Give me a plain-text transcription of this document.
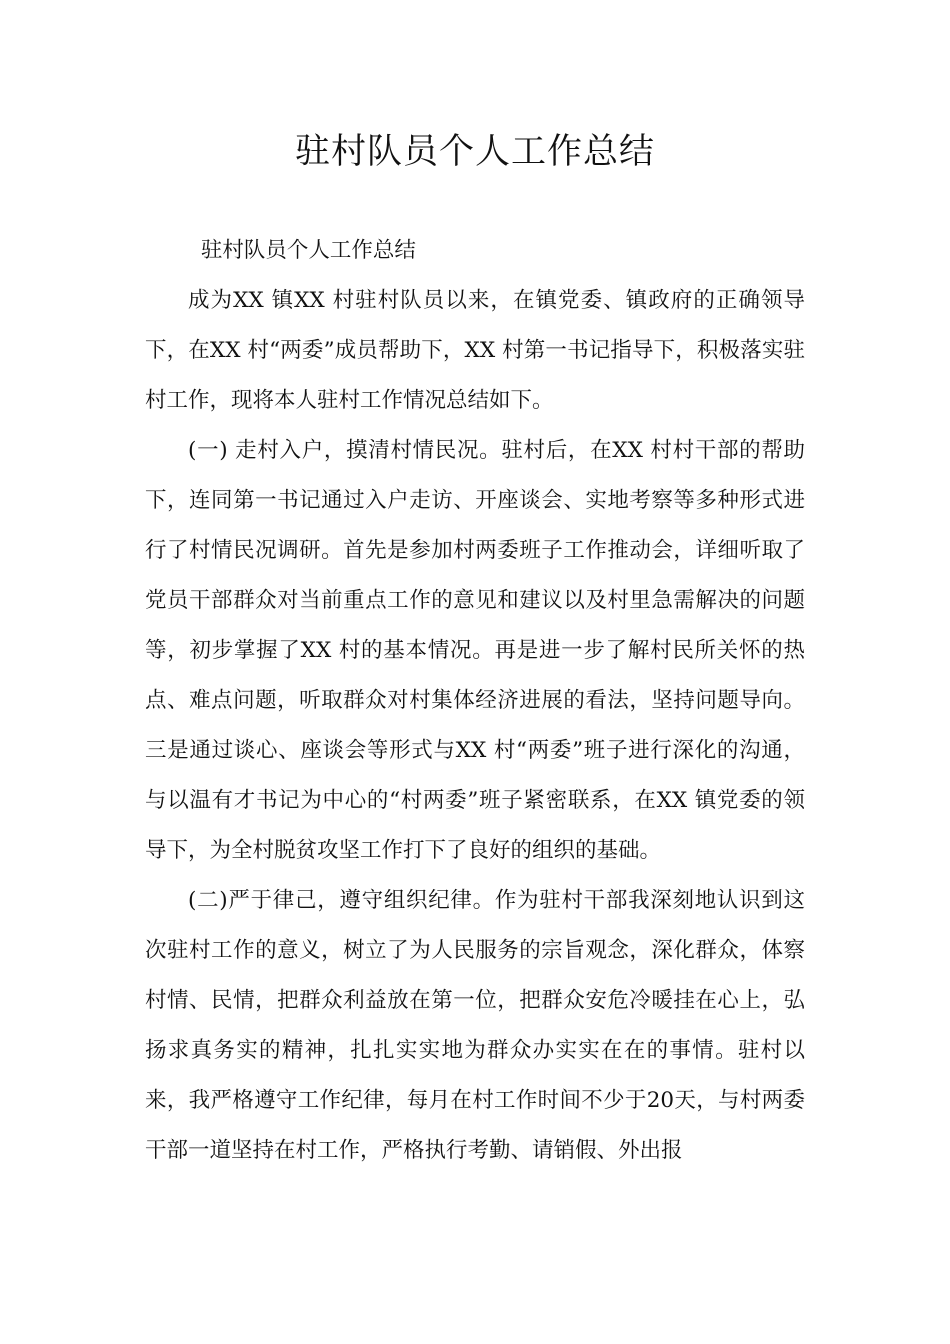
驻村队员个人工作总结

驻村队员个人工作总结

成为XX 镇XX 村驻村队员以来，在镇党委、镇政府的正确领导下，在XX 村“两委”成员帮助下，XX 村第一书记指导下，积极落实驻村工作，现将本人驻村工作情况总结如下。

(一) 走村入户，摸清村情民况。驻村后，在XX 村村干部的帮助下，连同第一书记通过入户走访、开座谈会、实地考察等多种形式进行了村情民况调研。首先是参加村两委班子工作推动会，详细听取了党员干部群众对当前重点工作的意见和建议以及村里急需解决的问题等，初步掌握了XX 村的基本情况。再是进一步了解村民所关怀的热点、难点问题，听取群众对村集体经济进展的看法，坚持问题导向。三是通过谈心、座谈会等形式与XX 村“两委”班子进行深化的沟通，与以温有才书记为中心的“村两委”班子紧密联系，在XX 镇党委的领导下，为全村脱贫攻坚工作打下了良好的组织的基础。

(二)严于律己，遵守组织纪律。作为驻村干部我深刻地认识到这次驻村工作的意义，树立了为人民服务的宗旨观念，深化群众，体察村情、民情，把群众利益放在第一位，把群众安危冷暖挂在心上，弘扬求真务实的精神，扎扎实实地为群众办实实在在的事情。驻村以来，我严格遵守工作纪律，每月在村工作时间不少于20天，与村两委干部一道坚持在村工作，严格执行考勤、请销假、外出报
